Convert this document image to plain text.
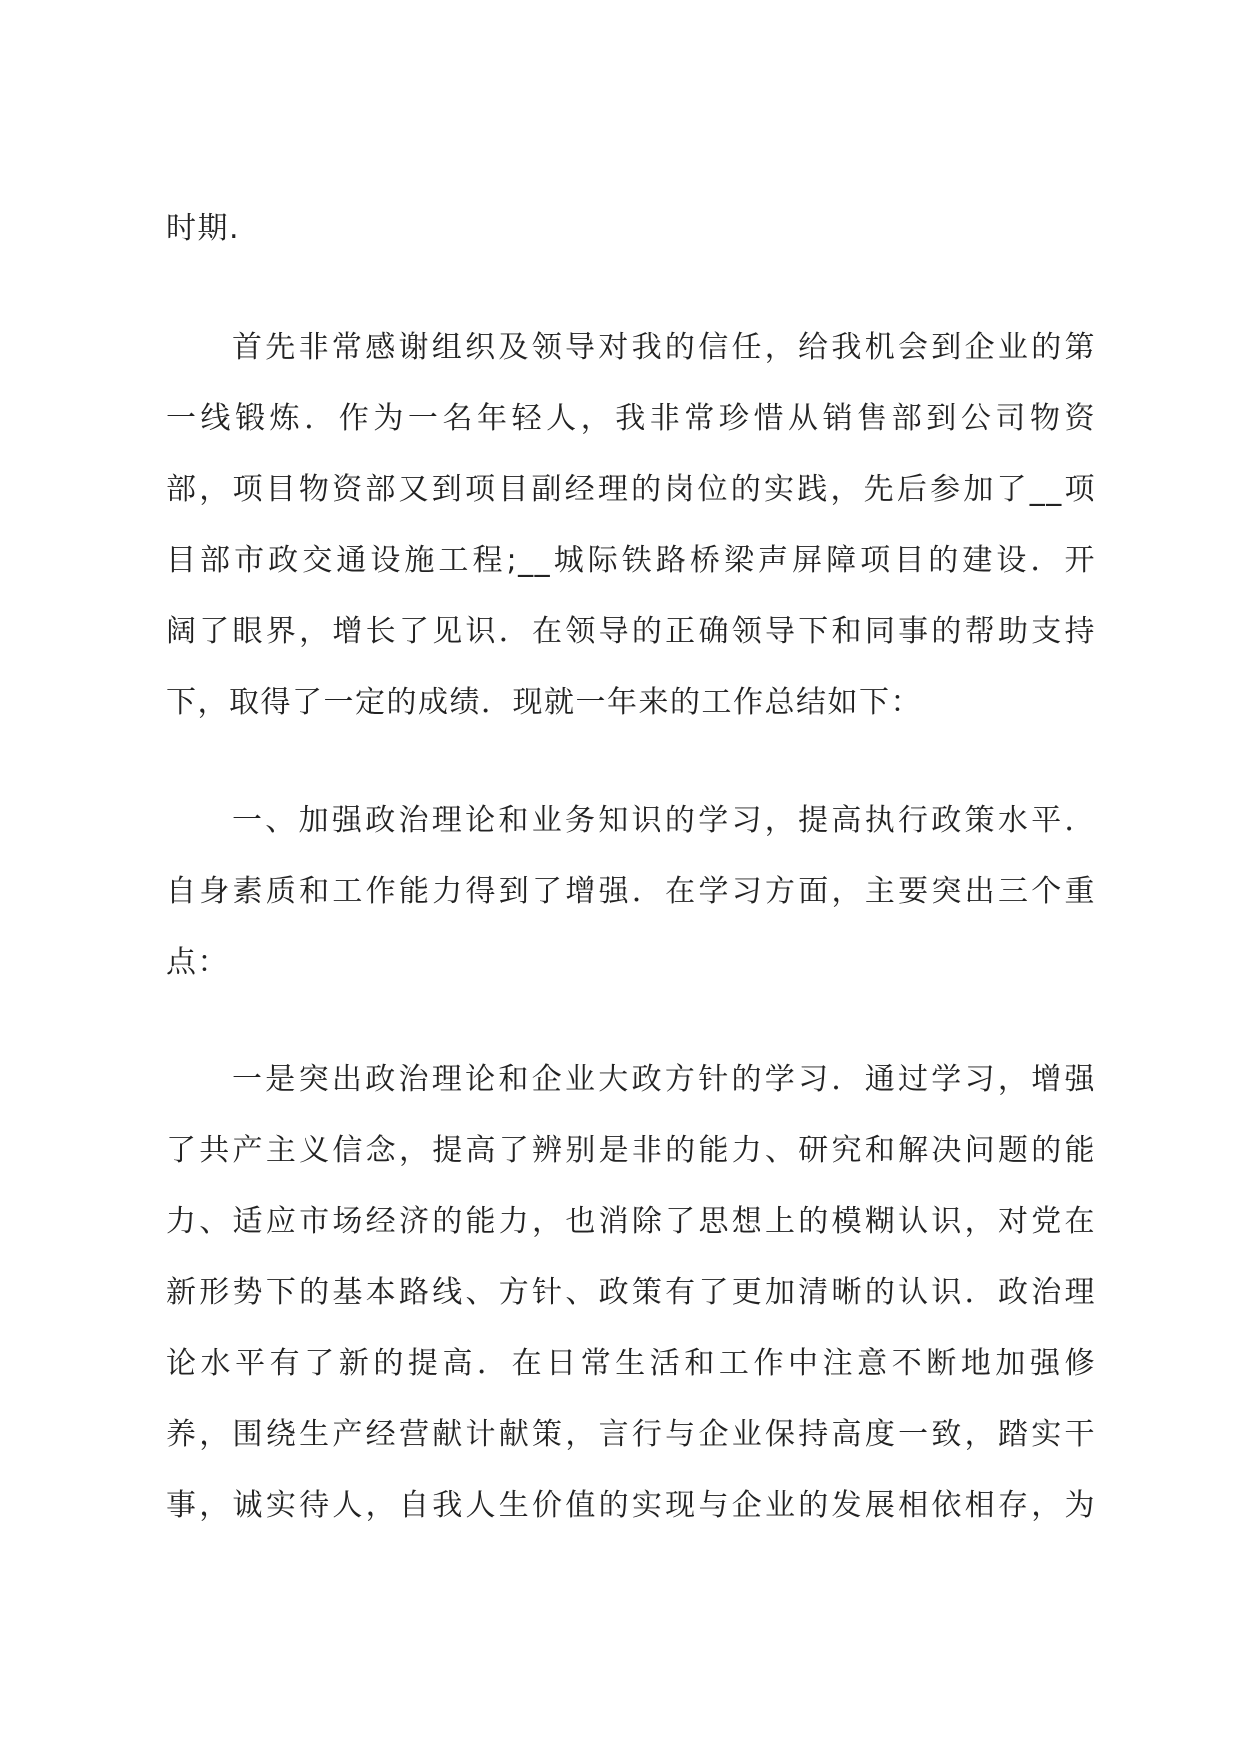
时期.
首先非常感谢组织及领导对我的信任，给我机会到企业的第
一线锻炼．作为一名年轻人，我非常珍惜从销售部到公司物资
部，项目物资部又到项目副经理的岗位的实践，先后参加了__项
目部市政交通设施工程;__城际铁路桥梁声屏障项目的建设．开
阔了眼界，增长了见识．在领导的正确领导下和同事的帮助支持
下，取得了一定的成绩．现就一年来的工作总结如下：
一、加强政治理论和业务知识的学习，提高执行政策水平．
自身素质和工作能力得到了增强．在学习方面，主要突出三个重
点：
一是突出政治理论和企业大政方针的学习．通过学习，增强
了共产主义信念，提高了辨别是非的能力、研究和解决问题的能
力、适应市场经济的能力，也消除了思想上的模糊认识，对党在
新形势下的基本路线、方针、政策有了更加清晰的认识．政治理
论水平有了新的提高．在日常生活和工作中注意不断地加强修
养，围绕生产经营献计献策，言行与企业保持高度一致，踏实干
事，诚实待人，自我人生价值的实现与企业的发展相依相存，为
